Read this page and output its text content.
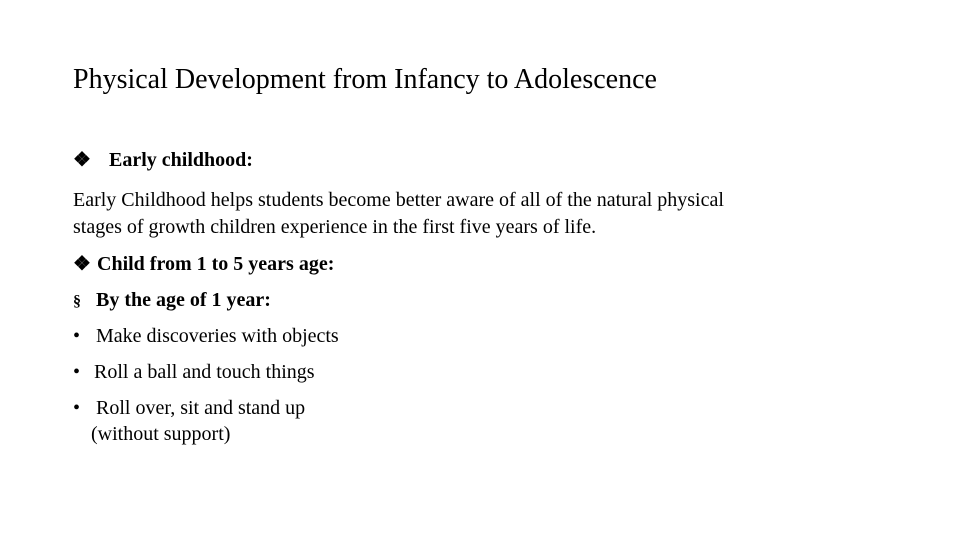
Physical Development from Infancy to Adolescence
❖ Early childhood:
Early Childhood helps students become better aware of all of the natural physical
stages of growth children experience in the first five years of life.
❖ Child from 1 to 5 years age:
§ By the age of 1 year:
• Make discoveries with objects
• Roll a ball and touch things
• Roll over, sit and stand up
(without support)
